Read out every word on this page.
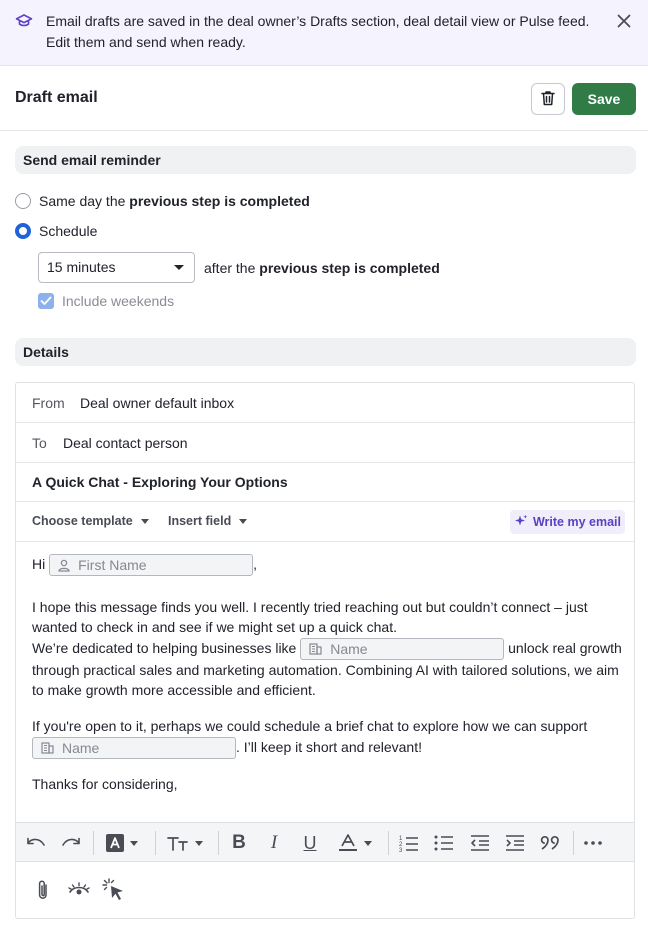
Email drafts are saved in the deal owner’s Drafts section, deal detail view or Pulse feed. Edit them and send when ready.
Draft email	Save
Send email reminder
Same day the previous step is completed
Schedule
15 minutes	after the previous step is completed
Include weekends
Details
From Deal owner default inbox
To Deal contact person
A Quick Chat - Exploring Your Options
Choose template	Insert field	Write my email
Hi First Name	,
I hope this message finds you well. I recently tried reaching out but couldn’t connect – just
wanted to check in and see if we might set up a quick chat.
We’re dedicated to helping businesses like Name	unlock real growth
through practical sales and marketing automation. Combining AI with tailored solutions, we aim
to make growth more accessible and efficient.
If you're open to it, perhaps we could schedule a brief chat to explore how we can support
Name	. I’ll keep it short and relevant!
Thanks for considering,
B	I	U	1
2
3
